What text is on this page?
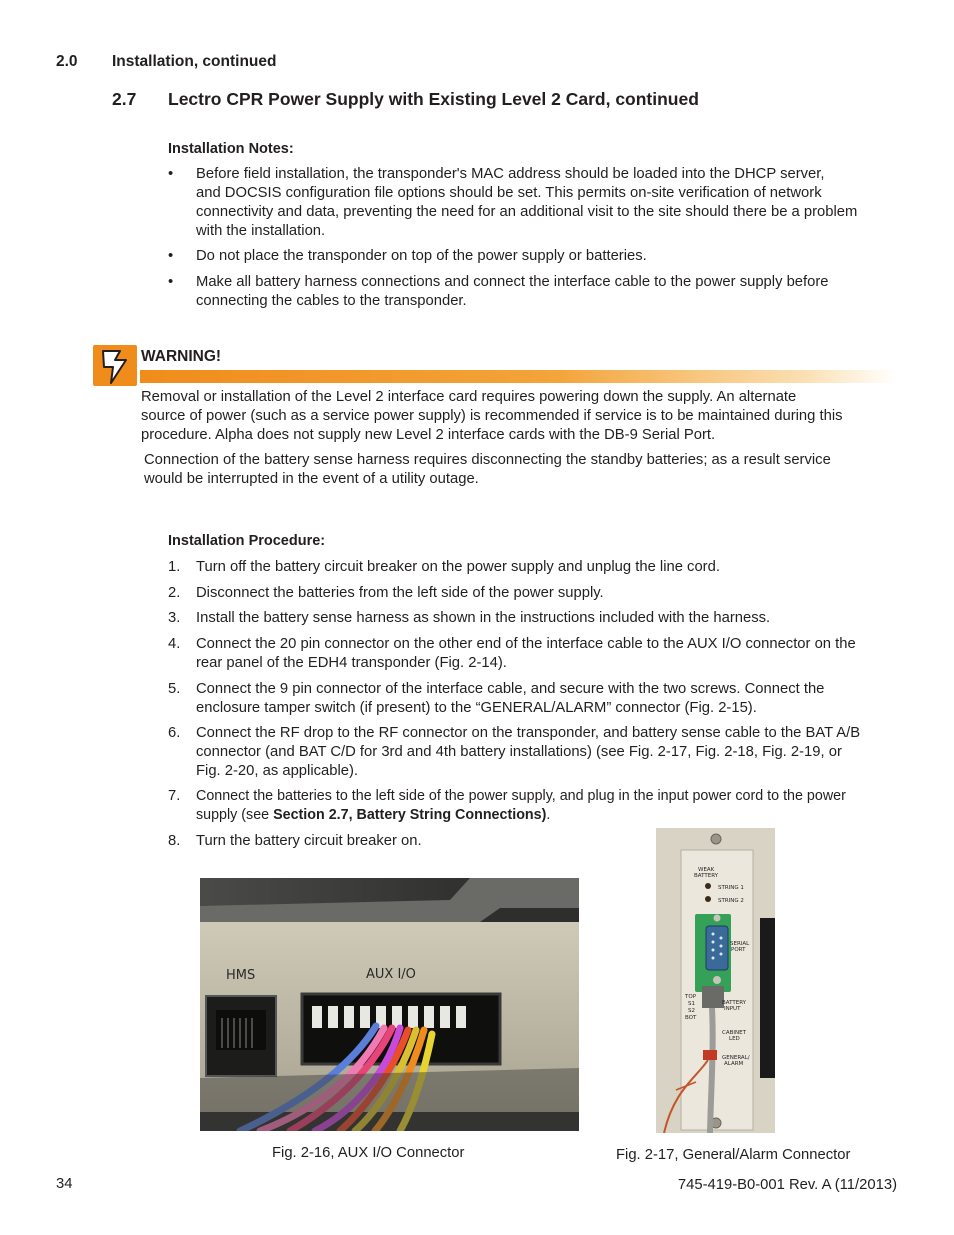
2.0 Installation, continued
2.7 Lectro CPR Power Supply with Existing Level 2 Card, continued
Installation Notes:
• Before field installation, the transponder's MAC address should be loaded into the DHCP server,
and DOCSIS configuration file options should be set. This permits on-site verification of network
connectivity and data, preventing the need for an additional visit to the site should there be a problem
with the installation.
• Do not place the transponder on top of the power supply or batteries.
• Make all battery harness connections and connect the interface cable to the power supply before
connecting the cables to the transponder.
WARNING!
Removal or installation of the Level 2 interface card requires powering down the supply. An alternate
source of power (such as a service power supply) is recommended if service is to be maintained during this
procedure. Alpha does not supply new Level 2 interface cards with the DB-9 Serial Port.
Connection of the battery sense harness requires disconnecting the standby batteries; as a result service
would be interrupted in the event of a utility outage.
Installation Procedure:
1. Turn off the battery circuit breaker on the power supply and unplug the line cord.
2. Disconnect the batteries from the left side of the power supply.
3. Install the battery sense harness as shown in the instructions included with the harness.
4. Connect the 20 pin connector on the other end of the interface cable to the AUX I/O connector on the
rear panel of the EDH4 transponder (Fig. 2-14).
5. Connect the 9 pin connector of the interface cable, and secure with the two screws. Connect the
enclosure tamper switch (if present) to the “GENERAL/ALARM” connector (Fig. 2-15).
6. Connect the RF drop to the RF connector on the transponder, and battery sense cable to the BAT A/B
connector (and BAT C/D for 3rd and 4th battery installations) (see Fig. 2-17, Fig. 2-18, Fig. 2-19, or
Fig. 2-20, as applicable).
7. Connect the batteries to the left side of the power supply, and plug in the input power cord to the power
supply (see Section 2.7, Battery String Connections).
8. Turn the battery circuit breaker on.
HMS	AUX I/O
Fig. 2-16, AUX I/O Connector
WEAK
BATTERY
STRING 1
STRING 2
SERIAL
PORT
TOP
S1
S2
BOT
BATTERY
INPUT
CABINET
LED
GENERAL/
ALARM
Fig. 2-17, General/Alarm Connector
34	745-419-B0-001 Rev. A (11/2013)
